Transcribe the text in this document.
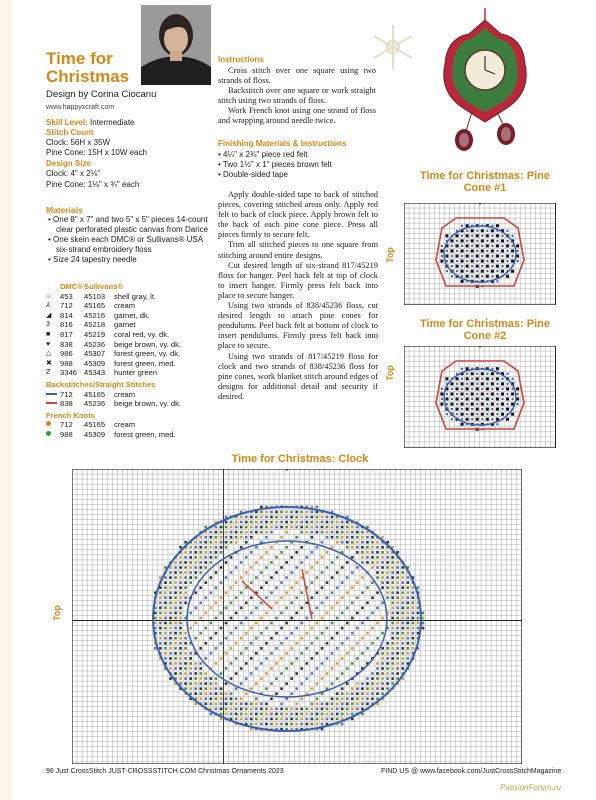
Time for Christmas
Design by Corina Ciocanu
www.happyxcraft.com
Skill Level: Intermediate
Stitch Count
Clock: 56H x 35W
Pine Cone: 15H x 10W each
Design Size
Clock: 4" x 2⅛"
Pine Cone: 1⅛" x ¾" each
Materials
• One 8" x 7" and two 5" x 5" pieces 14-count clear perforated plastic canvas from Darice
• One skein each DMC® or Sullivans® USA six-strand embroidery floss
• Size 24 tapestry needle
DMC® Sullivans®
○	453	45103	shell gray, lt.
⅄	712	45165	cream
◢	814	45216	garnet, dk.
3	816	45218	garnet
■	817	45219	coral red, vy. dk.
♥	838	45236	beige brown, vy. dk.
△	986	45307	forest green, vy. dk.
✖	988	45309	forest green, med.
Z	3346 45343	hunter green
Backstitches/Straight Stitches
712	45165	cream
838	45236	beige brown, vy. dk.
French Knots
712	45165	cream
988	45309	forest green, med.
Instructions

Cross stitch over one square using two strands of floss.

Backstitch over one square or work straight stitch using two strands of floss.

Work French knot using one strand of floss and wrapping around needle twice.

Finishing Materials & Instructions
• 4¼" x 2¾" piece red felt
• Two 1½" x 1" pieces brown felt
• Double-sided tape

Apply double-sided tape to back of stitched pieces, covering stitched areas only. Apply red felt to back of clock piece. Apply brown felt to the back of each pine cone piece. Press all pieces firmly to secure felt.

Trim all stitched pieces to one square from stitching around entire designs.

Cut desired length of six-strand 817/45219 floss for hanger. Peel back felt at top of clock to insert hanger. Firmly press felt back into place to secure hanger.

Using two strands of 838/45236 floss, cut desired length to attach pine cones for pendulums. Peel back felt at bottom of clock to insert pendulums. Firmly press felt back into place to secure.

Using two strands of 817/45219 floss for clock and two strands of 838/45236 floss for pine cones, work blanket stitch around edges of designs for additional detail and security if desired.

Time for Christmas: Pine Cone #1
Time for Christmas: Pine Cone #2
Time for Christmas: Clock
Top
Top
Top
96 Just CrossStitch JUST-CROSSSTITCH.COM Christmas Ornaments 2023	FIND US @ www.facebook.com/JustCrossStitchMagazine
PassionForum.ru
